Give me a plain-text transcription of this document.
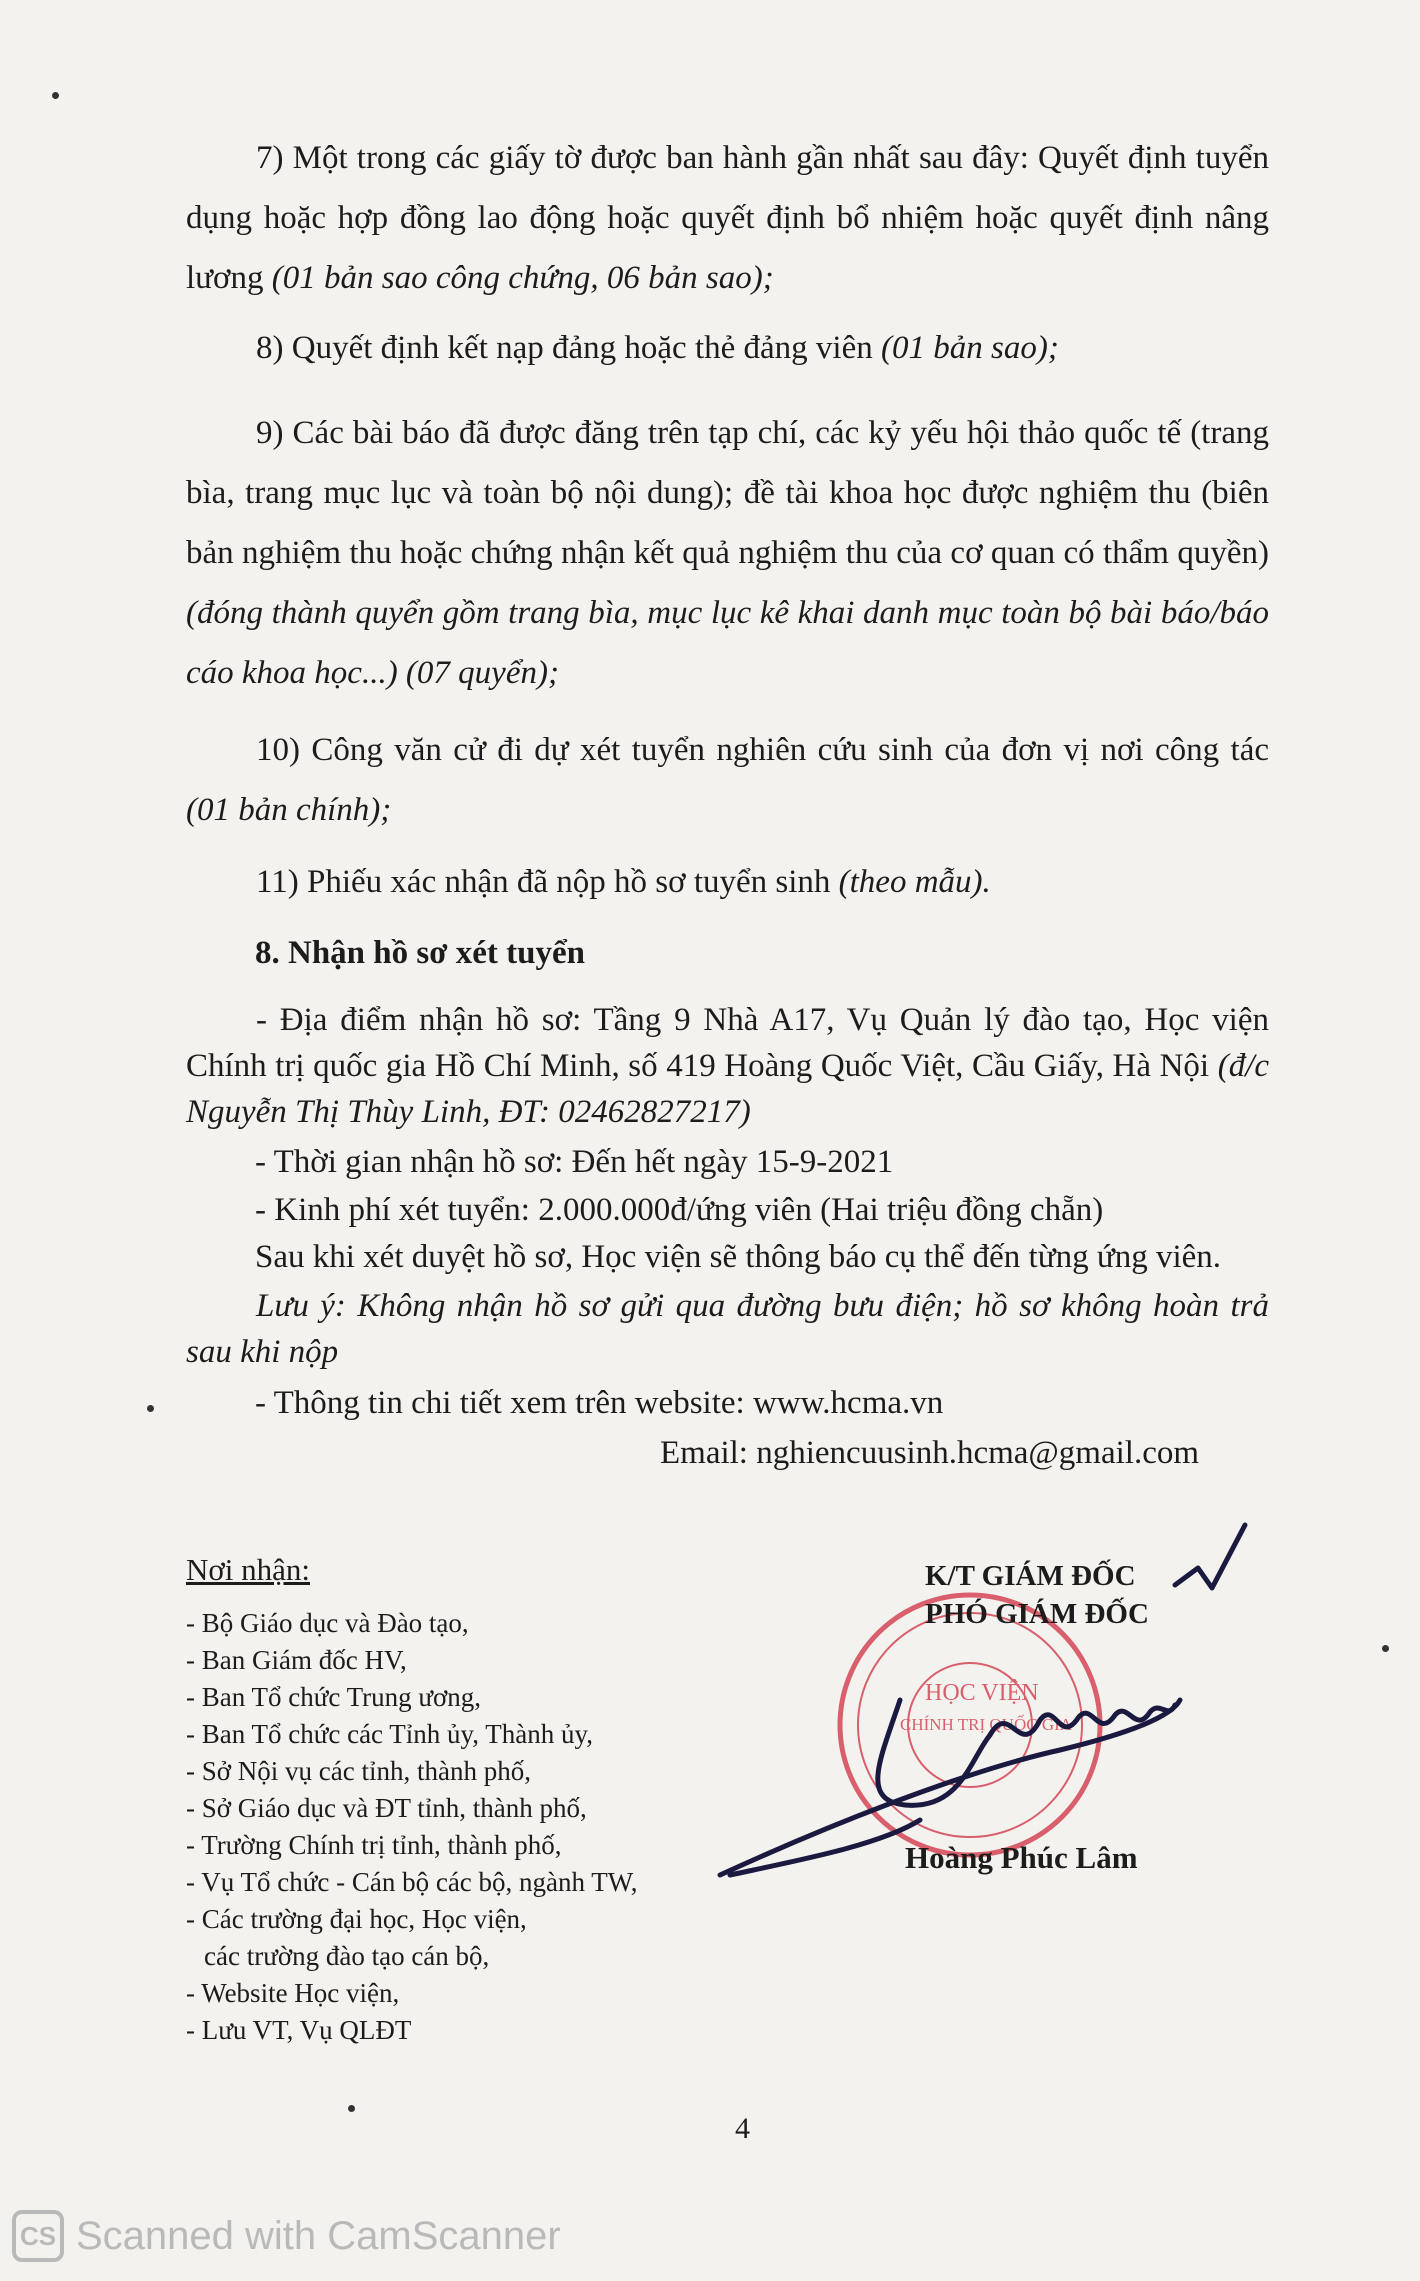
7) Một trong các giấy tờ được ban hành gần nhất sau đây: Quyết định tuyển dụng hoặc hợp đồng lao động hoặc quyết định bổ nhiệm hoặc quyết định nâng lương (01 bản sao công chứng, 06 bản sao);

8) Quyết định kết nạp đảng hoặc thẻ đảng viên (01 bản sao);

9) Các bài báo đã được đăng trên tạp chí, các kỷ yếu hội thảo quốc tế (trang bìa, trang mục lục và toàn bộ nội dung); đề tài khoa học được nghiệm thu (biên bản nghiệm thu hoặc chứng nhận kết quả nghiệm thu của cơ quan có thẩm quyền) (đóng thành quyển gồm trang bìa, mục lục kê khai danh mục toàn bộ bài báo/báo cáo khoa học...) (07 quyển);

10) Công văn cử đi dự xét tuyển nghiên cứu sinh của đơn vị nơi công tác (01 bản chính);

11) Phiếu xác nhận đã nộp hồ sơ tuyển sinh (theo mẫu).

8. Nhận hồ sơ xét tuyển

- Địa điểm nhận hồ sơ: Tầng 9 Nhà A17, Vụ Quản lý đào tạo, Học viện Chính trị quốc gia Hồ Chí Minh, số 419 Hoàng Quốc Việt, Cầu Giấy, Hà Nội (đ/c Nguyễn Thị Thùy Linh, ĐT: 02462827217)

- Thời gian nhận hồ sơ: Đến hết ngày 15-9-2021

- Kinh phí xét tuyển: 2.000.000đ/ứng viên (Hai triệu đồng chẵn)

Sau khi xét duyệt hồ sơ, Học viện sẽ thông báo cụ thể đến từng ứng viên.

Lưu ý: Không nhận hồ sơ gửi qua đường bưu điện; hồ sơ không hoàn trả sau khi nộp

- Thông tin chi tiết xem trên website: www.hcma.vn

Email: nghiencuusinh.hcma@gmail.com

Nơi nhận:

- Bộ Giáo dục và Đào tạo,
- Ban Giám đốc HV,
- Ban Tổ chức Trung ương,
- Ban Tổ chức các Tỉnh ủy, Thành ủy,
- Sở Nội vụ các tỉnh, thành phố,
- Sở Giáo dục và ĐT tỉnh, thành phố,
- Trường Chính trị tỉnh, thành phố,
- Vụ Tổ chức - Cán bộ các bộ, ngành TW,
- Các trường đại học, Học viện,
các trường đào tạo cán bộ,
- Website Học viện,
- Lưu VT, Vụ QLĐT
HỌC VIỆN
CHÍNH TRỊ QUỐC GIA

K/T GIÁM ĐỐC

PHÓ GIÁM ĐỐC

Hoàng Phúc Lâm

4

CS Scanned with CamScanner
